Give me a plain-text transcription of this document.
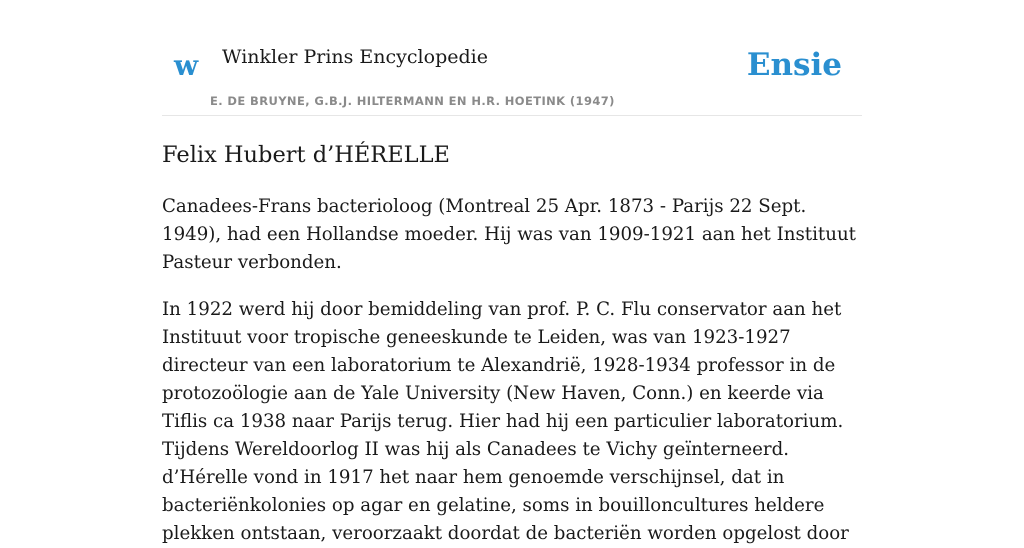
w Winkler Prins Encyclopedie
E. DE BRUYNE, G.B.J. HILTERMANN EN H.R. HOETINK (1947)
Ensie
Felix Hubert d’HÉRELLE

Canadees-Frans bacterioloog (Montreal 25 Apr. 1873 - Parijs 22 Sept. 1949), had een Hollandse moeder. Hij was van 1909-1921 aan het Instituut Pasteur verbonden.

In 1922 werd hij door bemiddeling van prof. P. C. Flu conservator aan het Instituut voor tropische geneeskunde te Leiden, was van 1923-1927 directeur van een laboratorium te Alexandrië, 1928-1934 professor in de protozoölogie aan de Yale University (New Haven, Conn.) en keerde via Tiflis ca 1938 naar Parijs terug. Hier had hij een particulier laboratorium. Tijdens Wereldoorlog II was hij als Canadees te Vichy geïnterneerd. d’Hérelle vond in 1917 het naar hem genoemde verschijnsel, dat in bacteriënkolonies op agar en gelatine, soms in bouilloncultures heldere plekken ontstaan, veroorzaakt doordat de bacteriën worden opgelost door
